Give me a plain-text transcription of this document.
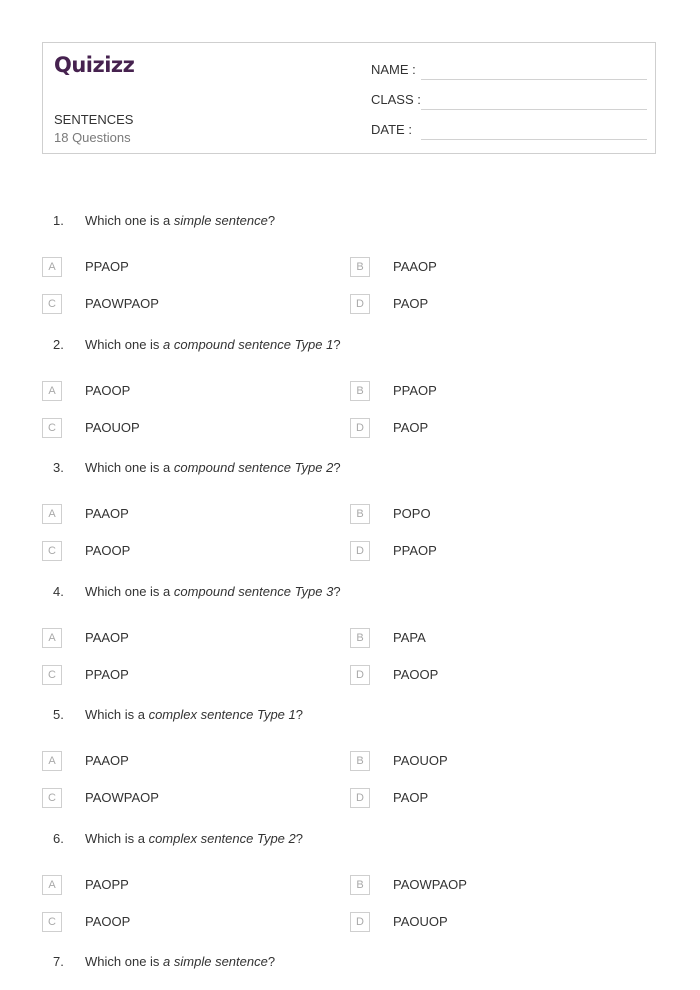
Quizizz
SENTENCES
18 Questions
NAME :
CLASS :
DATE :
1. Which one is a simple sentence?
A	PPAOP	B	PAAOP
C	PAOWPAOP	D	PAOP
2. Which one is a compound sentence Type 1?
A	PAOOP	B	PPAOP
C	PAOUOP	D	PAOP
3. Which one is a compound sentence Type 2?
A	PAAOP	B	POPO
C	PAOOP	D	PPAOP
4. Which one is a compound sentence Type 3?
A	PAAOP	B	PAPA
C	PPAOP	D	PAOOP
5. Which is a complex sentence Type 1?
A	PAAOP	B	PAOUOP
C	PAOWPAOP	D	PAOP
6. Which is a complex sentence Type 2?
A	PAOPP	B	PAOWPAOP
C	PAOOP	D	PAOUOP
7. Which one is a simple sentence?
